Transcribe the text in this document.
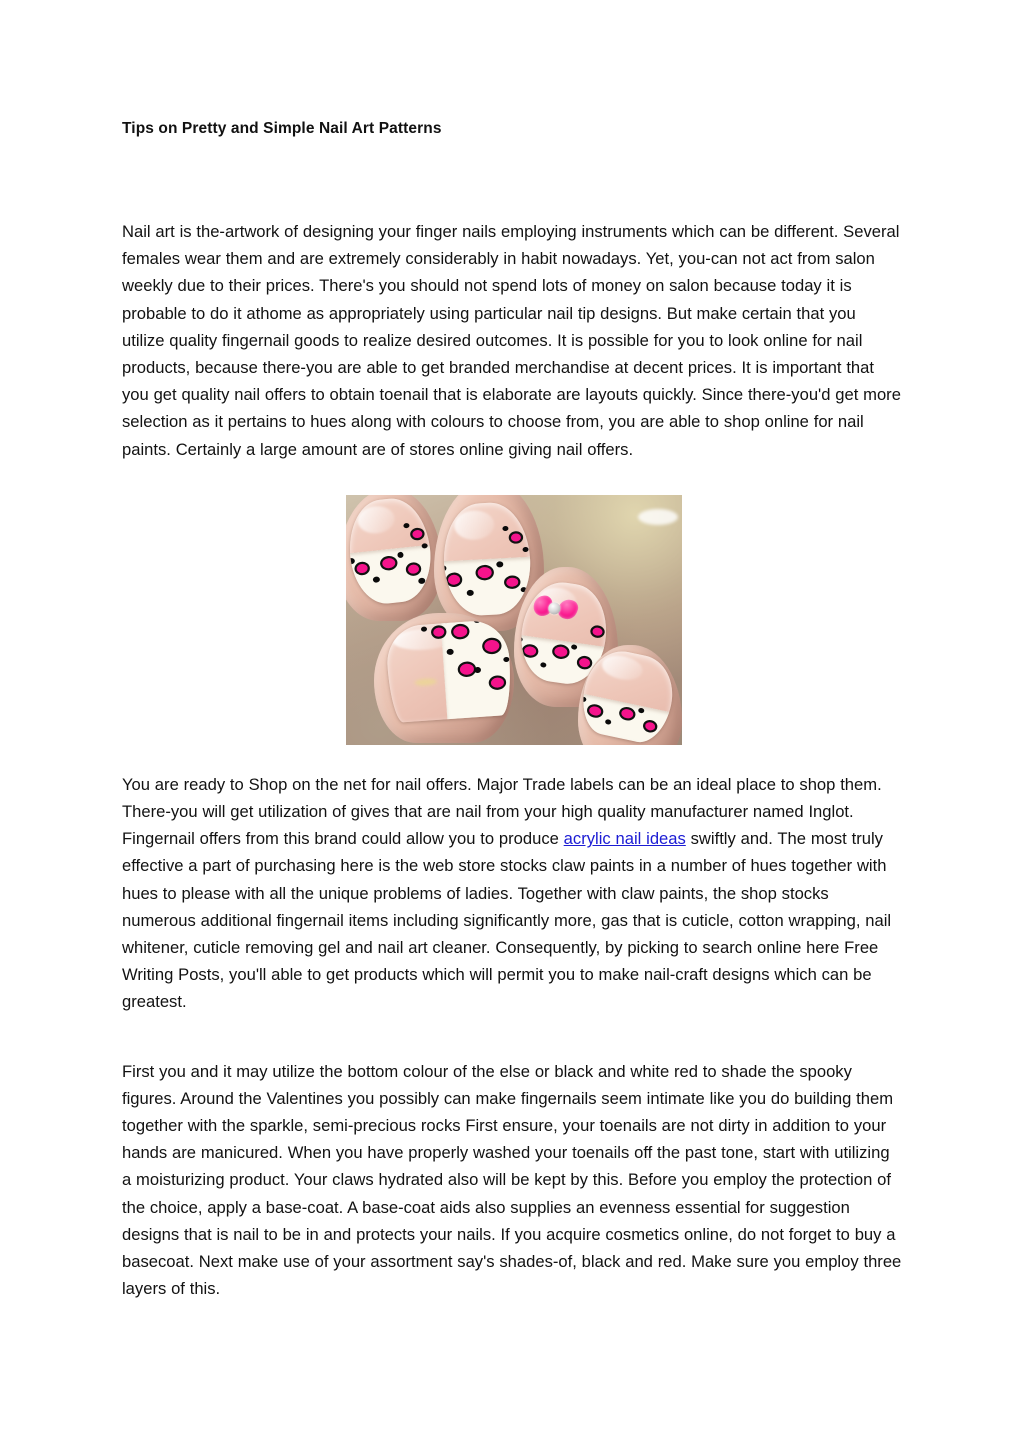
Tips on Pretty and Simple Nail Art Patterns

Nail art is the-artwork of designing your finger nails employing instruments which can be different. Several females wear them and are extremely considerably in habit nowadays. Yet, you-can not act from salon weekly due to their prices. There's you should not spend lots of money on salon because today it is probable to do it athome as appropriately using particular nail tip designs. But make certain that you utilize quality fingernail goods to realize desired outcomes. It is possible for you to look online for nail products, because there-you are able to get branded merchandise at decent prices. It is important that you get quality nail offers to obtain toenail that is elaborate are layouts quickly. Since there-you'd get more selection as it pertains to hues along with colours to choose from, you are able to shop online for nail paints. Certainly a large amount are of stores online giving nail offers.

You are ready to Shop on the net for nail offers. Major Trade labels can be an ideal place to shop them. There-you will get utilization of gives that are nail from your high quality manufacturer named Inglot. Fingernail offers from this brand could allow you to produce acrylic nail ideas swiftly and. The most truly effective a part of purchasing here is the web store stocks claw paints in a number of hues together with hues to please with all the unique problems of ladies. Together with claw paints, the shop stocks numerous additional fingernail items including significantly more, gas that is cuticle, cotton wrapping, nail whitener, cuticle removing gel and nail art cleaner. Consequently, by picking to search online here Free Writing Posts, you'll able to get products which will permit you to make nail-craft designs which can be greatest.

First you and it may utilize the bottom colour of the else or black and white red to shade the spooky figures. Around the Valentines you possibly can make fingernails seem intimate like you do building them together with the sparkle, semi-precious rocks First ensure, your toenails are not dirty in addition to your hands are manicured. When you have properly washed your toenails off the past tone, start with utilizing a moisturizing product. Your claws hydrated also will be kept by this. Before you employ the protection of the choice, apply a base-coat. A base-coat aids also supplies an evenness essential for suggestion designs that is nail to be in and protects your nails. If you acquire cosmetics online, do not forget to buy a basecoat. Next make use of your assortment say's shades-of, black and red. Make sure you employ three layers of this.
